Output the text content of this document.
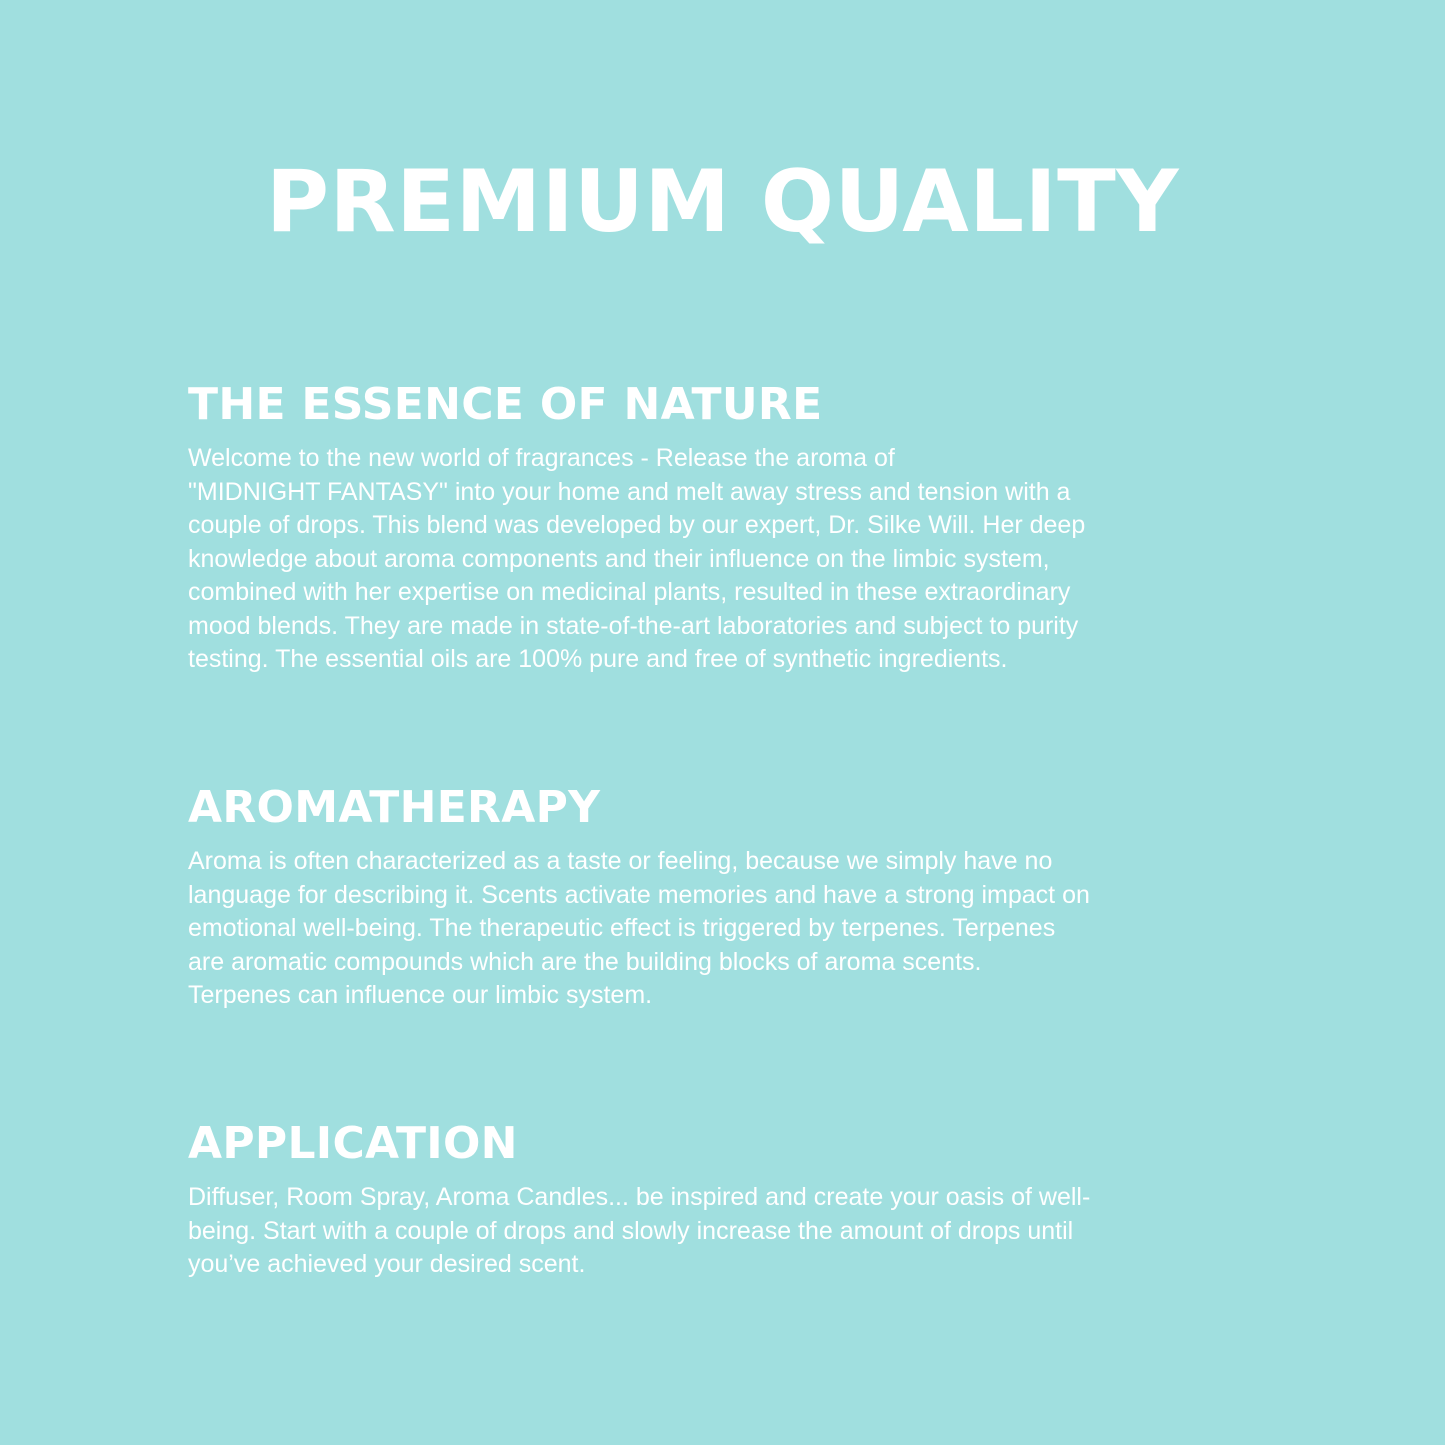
PREMIUM QUALITY
THE ESSENCE OF NATURE
Welcome to the new world of fragrances - Release the aroma of
"MIDNIGHT FANTASY" into your home and melt away stress and tension with a
couple of drops. This blend was developed by our expert, Dr. Silke Will. Her deep
knowledge about aroma components and their influence on the limbic system,
combined with her expertise on medicinal plants, resulted in these extraordinary
mood blends. They are made in state-of-the-art laboratories and subject to purity
testing. The essential oils are 100% pure and free of synthetic ingredients.
AROMATHERAPY
Aroma is often characterized as a taste or feeling, because we simply have no
language for describing it. Scents activate memories and have a strong impact on
emotional well-being. The therapeutic effect is triggered by terpenes. Terpenes
are aromatic compounds which are the building blocks of aroma scents.
Terpenes can influence our limbic system.
APPLICATION
Diffuser, Room Spray, Aroma Candles... be inspired and create your oasis of well-
being. Start with a couple of drops and slowly increase the amount of drops until
you’ve achieved your desired scent.
